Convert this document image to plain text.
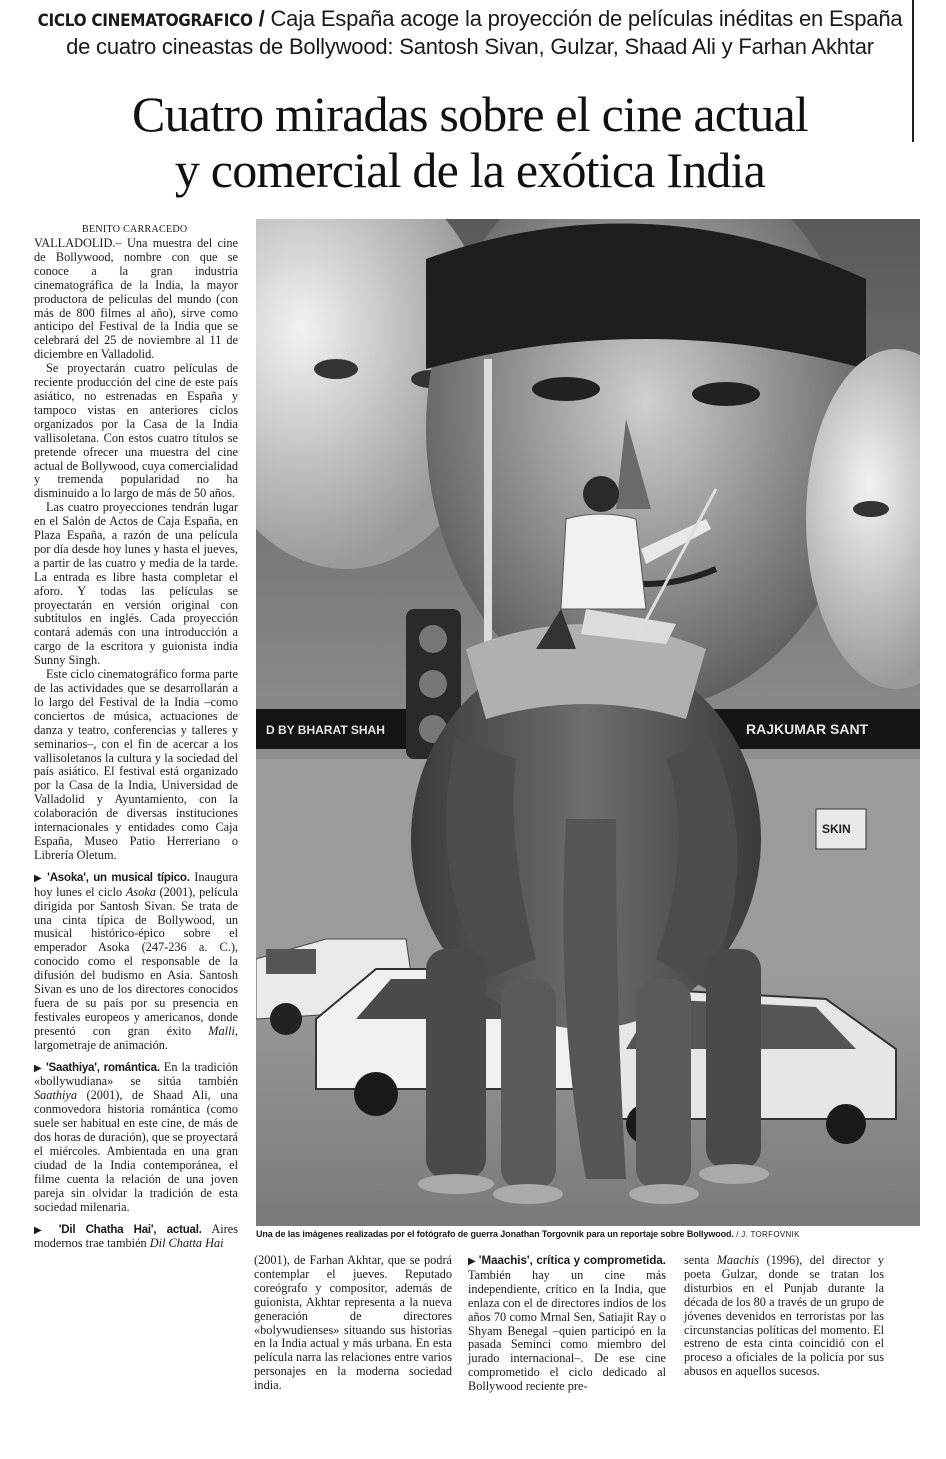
CICLO CINEMATOGRAFICO / Caja España acoge la proyección de películas inéditas en España
de cuatro cineastas de Bollywood: Santosh Sivan, Gulzar, Shaad Ali y Farhan Akhtar
Cuatro miradas sobre el cine actual
y comercial de la exótica India
BENITO CARRACEDO

VALLADOLID.– Una muestra del cine de Bollywood, nombre con que se conoce a la gran industria cinematográfica de la India, la mayor productora de películas del mundo (con más de 800 filmes al año), sirve como anticipo del Festival de la India que se celebrará del 25 de noviembre al 11 de diciembre en Valladolid.

Se proyectarán cuatro películas de reciente producción del cine de este país asiático, no estrenadas en España y tampoco vistas en anteriores ciclos organizados por la Casa de la India vallisoletana. Con estos cuatro títulos se pretende ofrecer una muestra del cine actual de Bollywood, cuya comercialidad y tremenda popularidad no ha disminuido a lo largo de más de 50 años.

Las cuatro proyecciones tendrán lugar en el Salón de Actos de Caja España, en Plaza España, a razón de una película por día desde hoy lunes y hasta el jueves, a partir de las cuatro y media de la tarde. La entrada es libre hasta completar el aforo. Y todas las películas se proyectarán en versión original con subtítulos en inglés. Cada proyección contará además con una introducción a cargo de la escritora y guionista india Sunny Singh.

Este ciclo cinematográfico forma parte de las actividades que se desarrollarán a lo largo del Festival de la India –como conciertos de música, actuaciones de danza y teatro, conferencias y talleres y seminarios–, con el fin de acercar a los vallisoletanos la cultura y la sociedad del país asiático. El festival está organizado por la Casa de la India, Universidad de Valladolid y Ayuntamiento, con la colaboración de diversas instituciones internacionales y entidades como Caja España, Museo Patio Herreriano o Librería Oletum.

▶ 'Asoka', un musical típico. Inaugura hoy lunes el ciclo Asoka (2001), película dirigida por Santosh Sivan. Se trata de una cinta típica de Bollywood, un musical histórico-épico sobre el emperador Asoka (247-236 a. C.), conocido como el responsable de la difusión del budismo en Asia. Santosh Sivan es uno de los directores conocidos fuera de su país por su presencia en festivales europeos y americanos, donde presentó con gran éxito Malli, largometraje de animación.

▶ 'Saathiya', romántica. En la tradición «bollywudiana» se sitúa también Saathiya (2001), de Shaad Ali, una conmovedora historia romántica (como suele ser habitual en este cine, de más de dos horas de duración), que se proyectará el miércoles. Ambientada en una gran ciudad de la India contemporánea, el filme cuenta la relación de una joven pareja sin olvidar la tradición de esta sociedad milenaria.

▶ 'Dil Chatha Hai', actual. Aires modernos trae también Dil Chatta Hai

D BY BHARAT SHAH	RAJKUMAR SANT
SKIN
Una de las imágenes realizadas por el fotógrafo de guerra Jonathan Torgovnik para un reportaje sobre Bollywood. / J. TORFOVNIK

(2001), de Farhan Akhtar, que se podrá contemplar el jueves. Reputado coreógrafo y compositor, además de guionista, Akhtar representa a la nueva generación de directores «bolywudienses» situando sus historias en la India actual y más urbana. En esta película narra las relaciones entre varios personajes en la moderna sociedad india.

▶ 'Maachis', crítica y comprometida. También hay un cine más independiente, crítico en la India, que enlaza con el de directores indios de los años 70 como Mrnal Sen, Satiajit Ray o Shyam Benegal –quien participó en la pasada Seminci como miembro del jurado internacional–. De ese cine comprometido el ciclo dedicado al Bollywood reciente pre-

senta Maachis (1996), del director y poeta Gulzar, donde se tratan los disturbios en el Punjab durante la década de los 80 a través de un grupo de jóvenes devenidos en terroristas por las circunstancias políticas del momento. El estreno de esta cinta coincidió con el proceso a oficiales de la policía por sus abusos en aquellos sucesos.
